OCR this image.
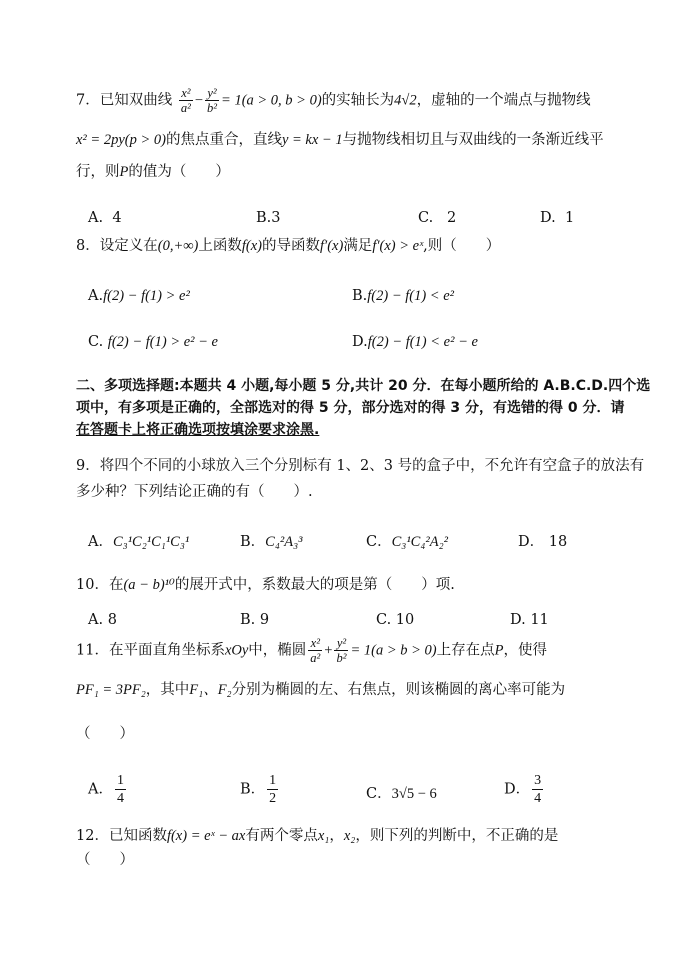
7．已知双曲线 $\frac{\text{x²}}{\text{a²}} - \frac{\text{y²}}{\text{b²}} = 1(a > 0$, b > 0)的实轴长为4√2，虚轴的一个端点与抛物线
x² = 2py(p > 0)的焦点重合，直线y = kx − 1与抛物线相切且与双曲线的一条渐近线平
行，则P的值为（　　）
A. 4	B.3	C. 2	D. 1
8．设定义在(0,+∞)上函数f(x)的导函数f′(x)满足f′(x) > eˣ,则（　　）
A.f(2) − f(1) > e²	B.f(2) − f(1) < e²
C. f(2) − f(1) > e² − e	D.f(2) − f(1) < e² − e
二、多项选择题:本题共 4 小题,每小题 5 分,共计 20 分．在每小题所给的 A.B.C.D.四个选
项中，有多项是正确的，全部选对的得 5 分，部分选对的得 3 分，有选错的得 0 分．请
在答题卡上将正确选项按填涂要求涂黑.
9．将四个不同的小球放入三个分别标有 1、2、3 号的盒子中，不允许有空盒子的放法有
多少种？下列结论正确的有（　　）.
A．C₃¹C₂¹C₁¹C₃¹	B．C₄²A₃³	C．C₃¹C₄²A₂²	D． 18
10．在(a − b)¹⁰的展开式中，系数最大的项是第（　　）项.
A. 8	B. 9	C. 10	D. 11
11．在平面直角坐标系xOy中，椭圆 $\frac{\text{x²}}{\text{a²}} + \frac{\text{y²}}{\text{b²}} = 1(a > b > 0)$上存在点P，使得
PF₁ = 3PF₂，其中F₁、F₂分别为椭圆的左、右焦点，则该椭圆的离心率可能为
（　　）
A． $\frac{1}{4}$	B． $\frac{1}{2}$	C．3√5 − 6	D． $\frac{3}{4}$
12．已知函数f(x) = eˣ − ax有两个零点x₁，x₂，则下列的判断中，不正确的是
（　　）
